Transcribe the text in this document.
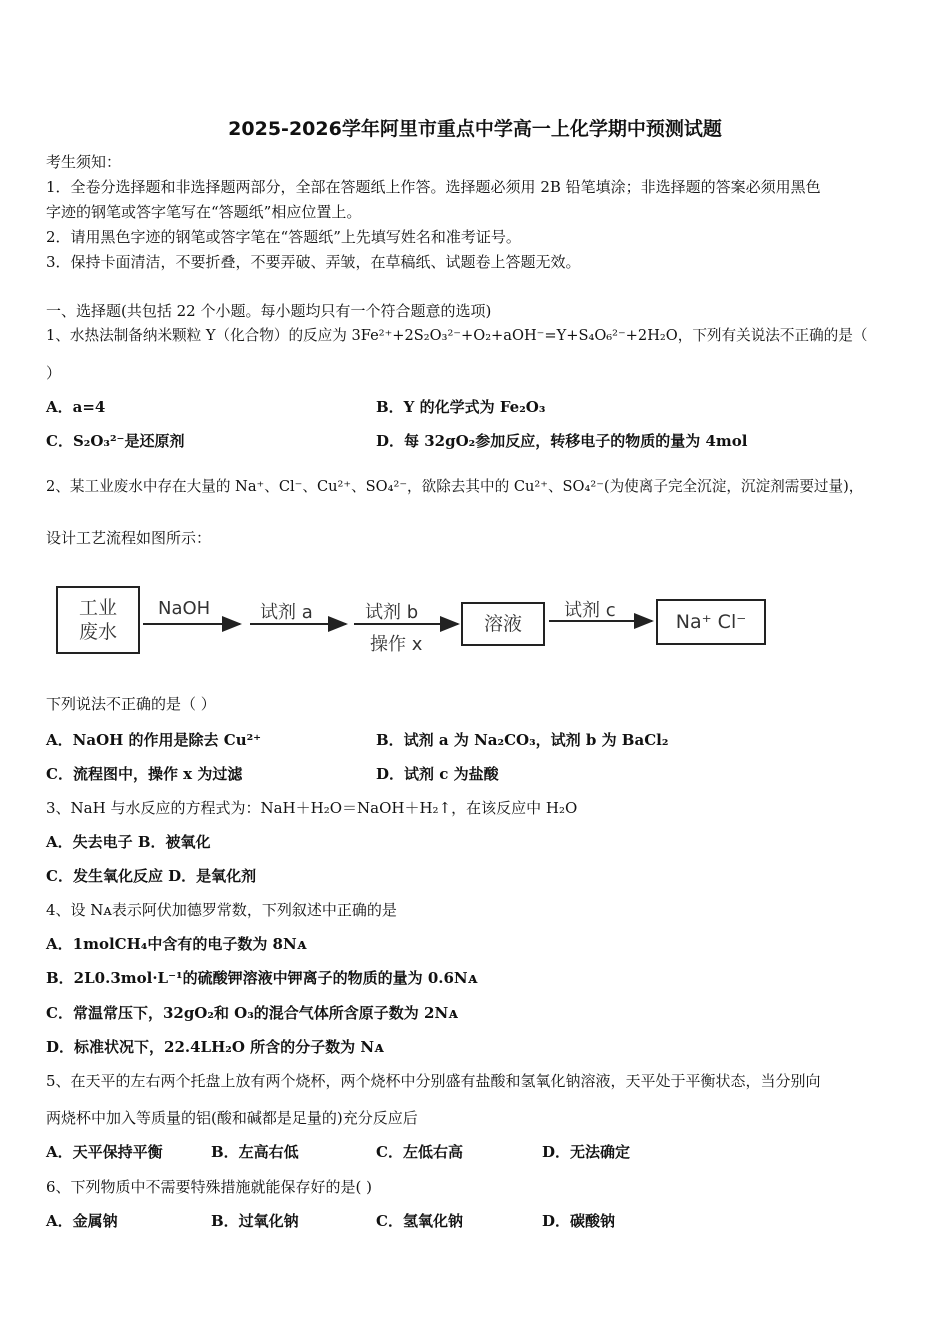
2025-2026学年阿里市重点中学高一上化学期中预测试题
考生须知：
1．全卷分选择题和非选择题两部分，全部在答题纸上作答。选择题必须用 2B 铅笔填涂；非选择题的答案必须用黑色
字迹的钢笔或答字笔写在“答题纸”相应位置上。
2．请用黑色字迹的钢笔或答字笔在“答题纸”上先填写姓名和准考证号。
3．保持卡面清洁，不要折叠，不要弄破、弄皱，在草稿纸、试题卷上答题无效。
一、选择题(共包括 22 个小题。每小题均只有一个符合题意的选项)
1、水热法制备纳米颗粒 Y（化合物）的反应为 3Fe²⁺+2S₂O₃²⁻+O₂+aOH⁻=Y+S₄O₆²⁻+2H₂O，下列有关说法不正确的是（
）
A．a=4	B．Y 的化学式为 Fe₂O₃
C．S₂O₃²⁻是还原剂	D．每 32gO₂参加反应，转移电子的物质的量为 4mol
2、某工业废水中存在大量的 Na⁺、Cl⁻、Cu²⁺、SO₄²⁻，欲除去其中的 Cu²⁺、SO₄²⁻(为使离子完全沉淀，沉淀剂需要过量)，
设计工艺流程如图所示：
工业
废水
NaOH	试剂 a	试剂 b
操作 x
溶液
试剂 c
Na⁺ Cl⁻
下列说法不正确的是（ ）
A．NaOH 的作用是除去 Cu²⁺	B．试剂 a 为 Na₂CO₃，试剂 b 为 BaCl₂
C．流程图中，操作 x 为过滤	D．试剂 c 为盐酸
3、NaH 与水反应的方程式为：NaH＋H₂O＝NaOH＋H₂↑，在该反应中 H₂O
A．失去电子 B．被氧化
C．发生氧化反应 D．是氧化剂
4、设 Nᴀ表示阿伏加德罗常数，下列叙述中正确的是
A．1molCH₄中含有的电子数为 8Nᴀ
B．2L0.3mol·L⁻¹的硫酸钾溶液中钾离子的物质的量为 0.6Nᴀ
C．常温常压下，32gO₂和 O₃的混合气体所含原子数为 2Nᴀ
D．标准状况下，22.4LH₂O 所含的分子数为 Nᴀ
5、在天平的左右两个托盘上放有两个烧杯，两个烧杯中分别盛有盐酸和氢氧化钠溶液，天平处于平衡状态，当分别向
两烧杯中加入等质量的铝(酸和碱都是足量的)充分反应后
A．天平保持平衡	B．左高右低	C．左低右高	D．无法确定
6、下列物质中不需要特殊措施就能保存好的是( )
A．金属钠	B．过氧化钠	C．氢氧化钠	D．碳酸钠
